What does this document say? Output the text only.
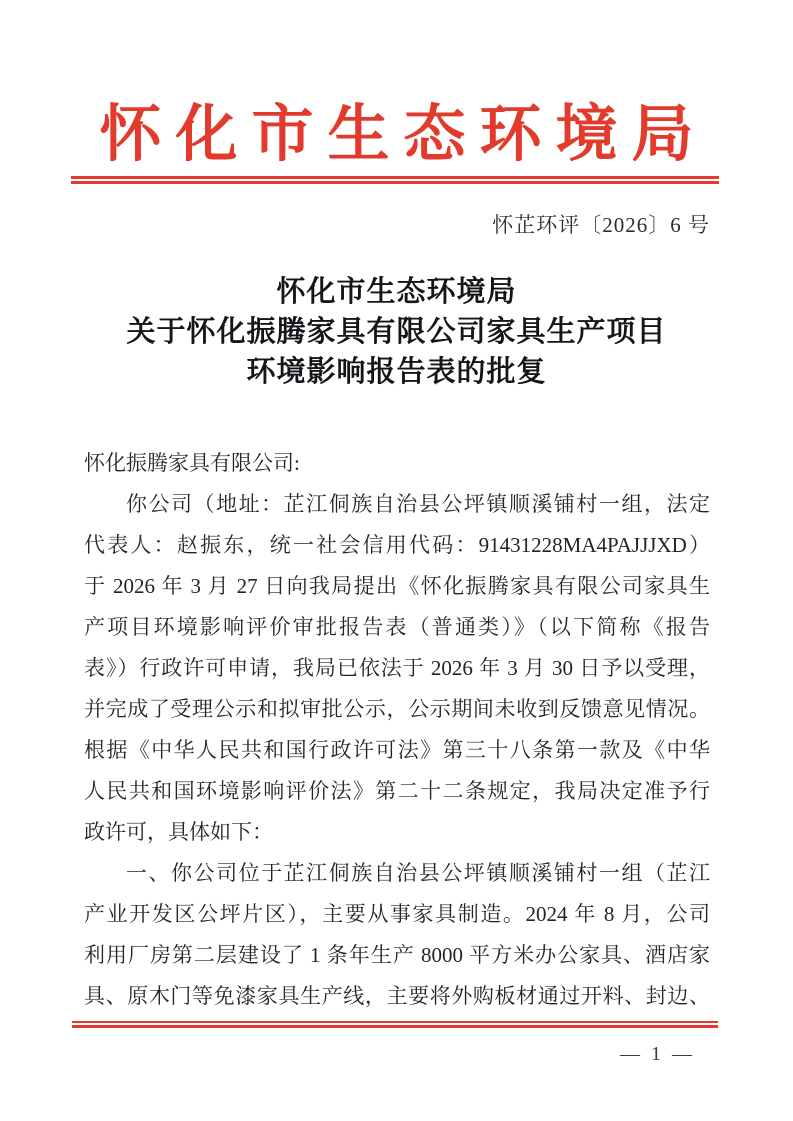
怀化市生态环境局
怀芷环评〔2026〕6 号
怀化市生态环境局
关于怀化振腾家具有限公司家具生产项目
环境影响报告表的批复
怀化振腾家具有限公司:
你公司（地址：芷江侗族自治县公坪镇顺溪铺村一组，法定
代表人：赵振东，统一社会信用代码：91431228MA4PAJJJXD）
于 2026 年 3 月 27 日向我局提出《怀化振腾家具有限公司家具生
产项目环境影响评价审批报告表（普通类）》（以下简称《报告
表》）行政许可申请，我局已依法于 2026 年 3 月 30 日予以受理，
并完成了受理公示和拟审批公示，公示期间未收到反馈意见情况。
根据《中华人民共和国行政许可法》第三十八条第一款及《中华
人民共和国环境影响评价法》第二十二条规定，我局决定准予行
政许可，具体如下：
一、你公司位于芷江侗族自治县公坪镇顺溪铺村一组（芷江
产业开发区公坪片区），主要从事家具制造。2024 年 8 月，公司
利用厂房第二层建设了 1 条年生产 8000 平方米办公家具、酒店家
具、原木门等免漆家具生产线，主要将外购板材通过开料、封边、
— 1 —
